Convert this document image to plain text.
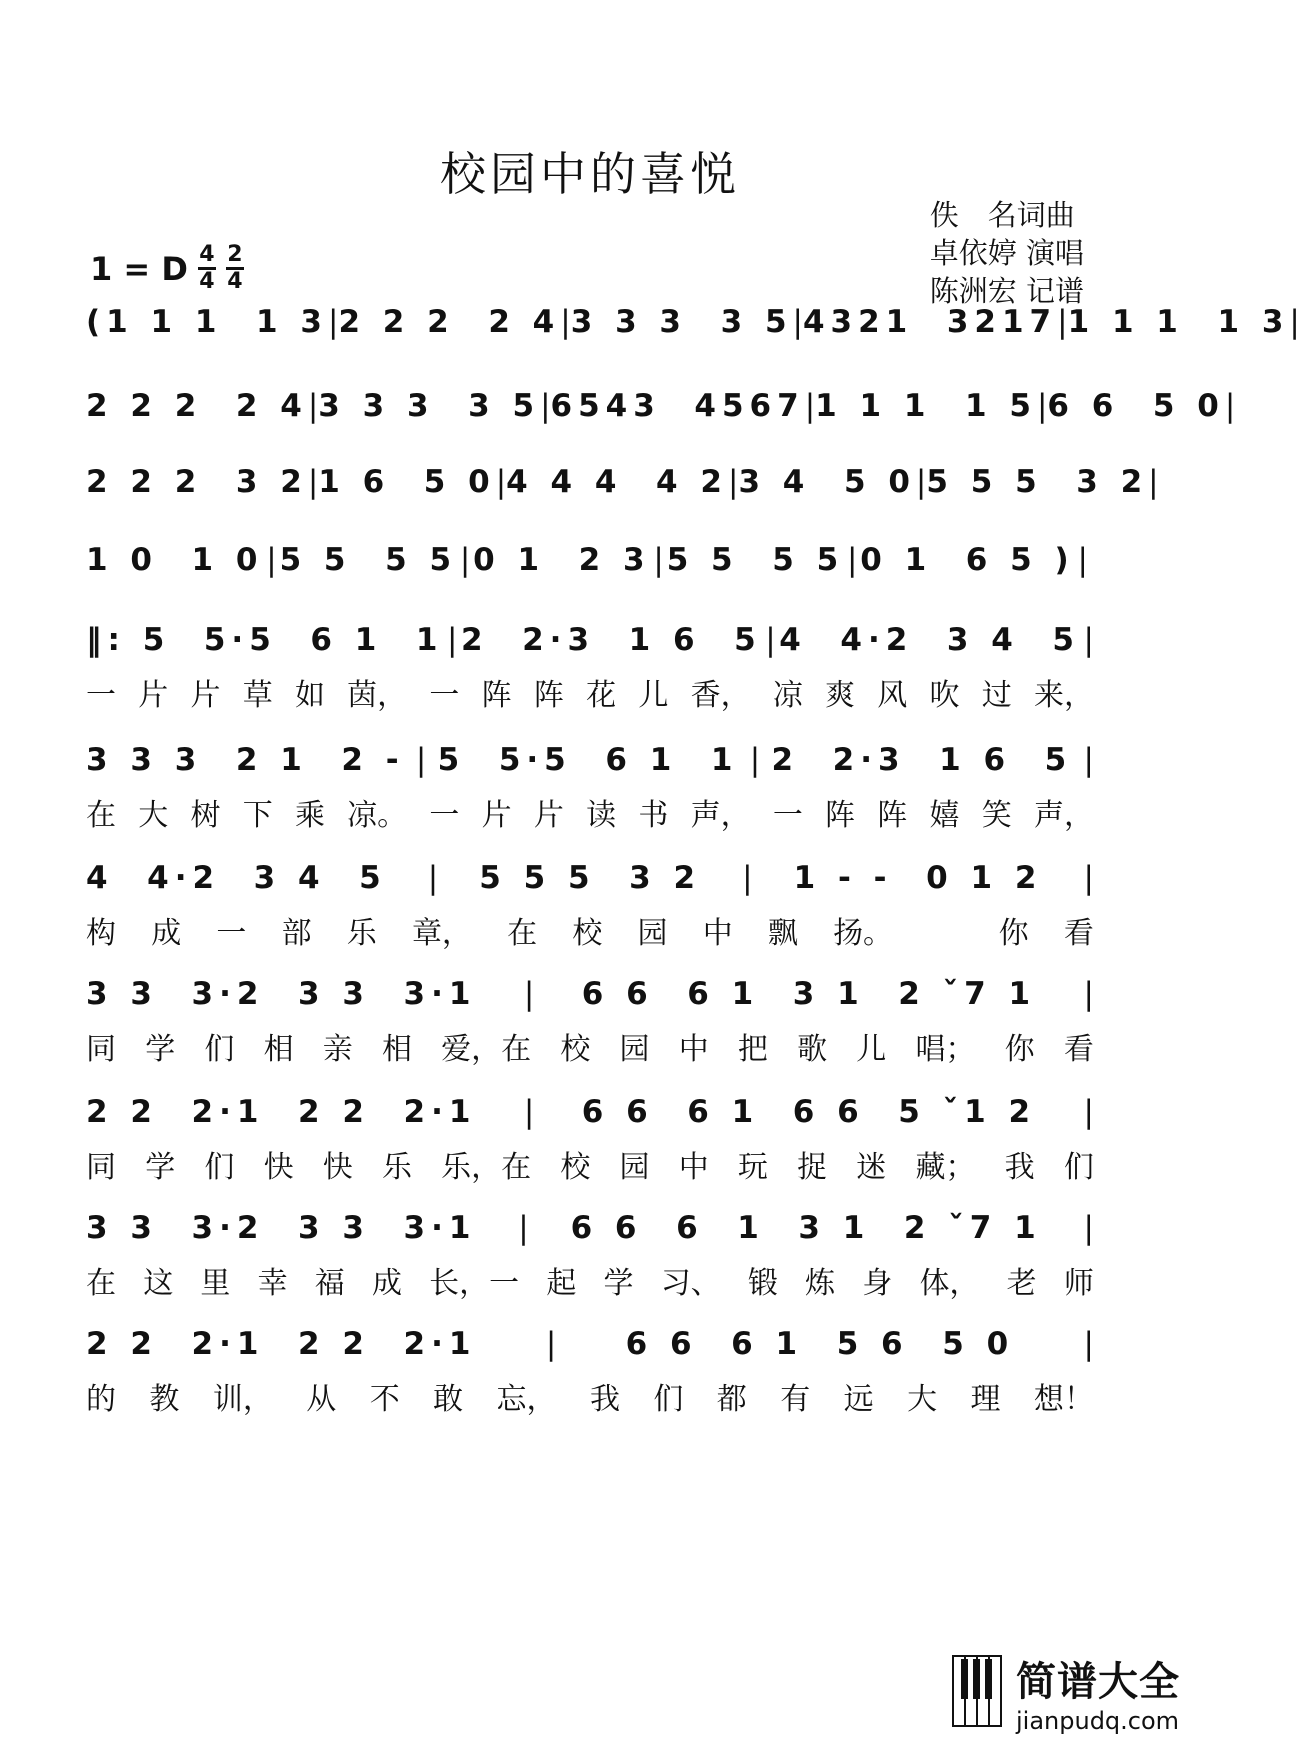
校园中的喜悦
佚　名词曲
卓依婷 演唱
陈洲宏 记谱
1 = D $\frac{4}{4} \frac{2}{4}$
( 1 1 1  1 3 | 2 2 2  2 4 | 3 3 3  3 5 | 4321  3217 | 1 1 1  1 3 |
2 2 2  2 4 | 3 3 3  3 5 | 6543  4567 | 1 1 1  1 5 | 6 6  5 0 |
2 2 2  3 2 | 1 6  5 0 | 4 4 4  4 2 | 3 4  5 0 | 5 5 5  3 2 |
1 0  1 0 | 5 5  5 5 | 0 1  2 3 | 5 5  5 5 | 0 1  6 5 ) |
‖: 5  5·5  6 1  1 | 2  2·3  1 6  5 | 4  4·2  3 4  5 |
一 片 片 草 如 茵， 一 阵 阵 花 儿 香， 凉 爽 风 吹 过 来，
3 3 3  2 1  2 - | 5  5·5  6 1  1 | 2  2·3  1 6  5 |
在 大 树 下 乘 凉。 一 片 片 读 书 声， 一 阵 阵 嬉 笑 声，
4  4·2  3 4  5 | 5 5 5  3 2 | 1 - -  0 1 2 |
构 成 一 部 乐 章， 在 校 园 中 飘 扬。	你 看
3 3  3·2  3 3  3·1 | 6 6  6 1  3 1  2 ˇ7 1 |
同 学 们 相 亲 相 爱，在 校 园 中 把 歌 儿 唱； 你 看
2 2  2·1  2 2  2·1 | 6 6  6 1  6 6  5 ˇ1 2 |
同 学 们 快 快 乐 乐，在 校 园 中 玩 捉 迷 藏； 我 们
3 3  3·2  3 3  3·1 | 6 6  6  1  3 1  2 ˇ7 1 |
在 这 里 幸 福 成 长，一 起 学 习、 锻 炼 身 体， 老 师
2 2  2·1  2 2  2·1 | 6 6  6 1  5 6  5 0 |
的 教 训， 从 不 敢 忘， 我 们 都 有 远 大 理 想！
简谱大全
jianpudq.com
